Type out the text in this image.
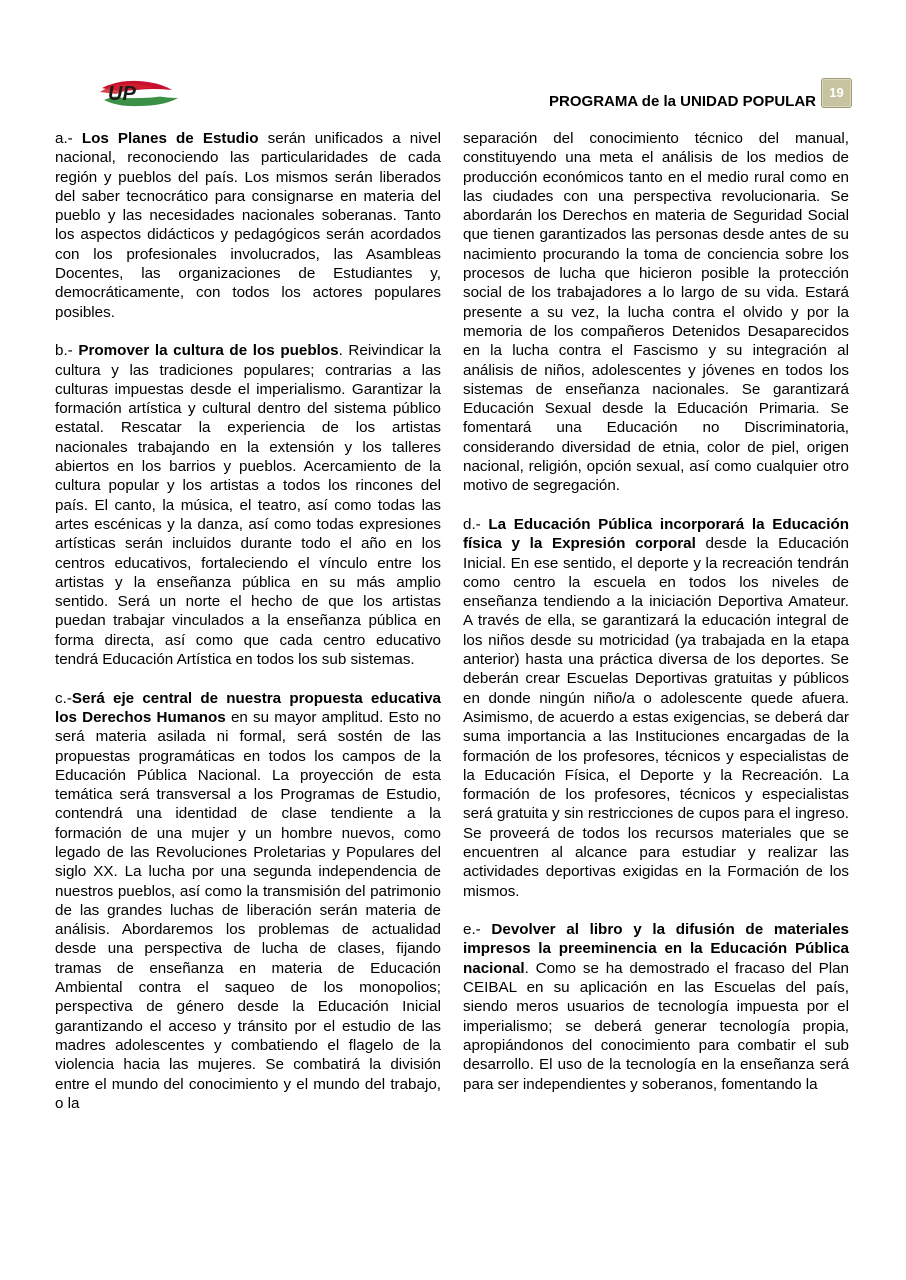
UP	PROGRAMA de la UNIDAD POPULAR
19

a.- Los Planes de Estudio serán unificados a nivel nacional, reconociendo las particularidades de cada región y pueblos del país. Los mismos serán liberados del saber tecnocrático para consignarse en materia del pueblo y las necesidades nacionales soberanas. Tanto los aspectos didácticos y pedagógicos serán acordados con los profesionales involucrados, las Asambleas Docentes, las organizaciones de Estudiantes y, democráticamente, con todos los actores populares posibles.

b.- Promover la cultura de los pueblos. Reivindicar la cultura y las tradiciones populares; contrarias a las culturas impuestas desde el imperialismo. Garantizar la formación artística y cultural dentro del sistema público estatal. Rescatar la experiencia de los artistas nacionales trabajando en la extensión y los talleres abiertos en los barrios y pueblos. Acercamiento de la cultura popular y los artistas a todos los rincones del país. El canto, la música, el teatro, así como todas las artes escénicas y la danza, así como todas expresiones artísticas serán incluidos durante todo el año en los centros educativos, fortaleciendo el vínculo entre los artistas y la enseñanza pública en su más amplio sentido. Será un norte el hecho de que los artistas puedan trabajar vinculados a la enseñanza pública en forma directa, así como que cada centro educativo tendrá Educación Artística en todos los sub sistemas.

c.-Será eje central de nuestra propuesta educativa los Derechos Humanos en su mayor amplitud. Esto no será materia asilada ni formal, será sostén de las propuestas programáticas en todos los campos de la Educación Pública Nacional. La proyección de esta temática será transversal a los Programas de Estudio, contendrá una identidad de clase tendiente a la formación de una mujer y un hombre nuevos, como legado de las Revoluciones Proletarias y Populares del siglo XX. La lucha por una segunda independencia de nuestros pueblos, así como la transmisión del patrimonio de las grandes luchas de liberación serán materia de análisis. Abordaremos los problemas de actualidad desde una perspectiva de lucha de clases, fijando tramas de enseñanza en materia de Educación Ambiental contra el saqueo de los monopolios; perspectiva de género desde la Educación Inicial garantizando el acceso y tránsito por el estudio de las madres adolescentes y combatiendo el flagelo de la violencia hacia las mujeres. Se combatirá la división entre el mundo del conocimiento y el mundo del trabajo, o la

separación del conocimiento técnico del manual, constituyendo una meta el análisis de los medios de producción económicos tanto en el medio rural como en las ciudades con una perspectiva revolucionaria. Se abordarán los Derechos en materia de Seguridad Social que tienen garantizados las personas desde antes de su nacimiento procurando la toma de conciencia sobre los procesos de lucha que hicieron posible la protección social de los trabajadores a lo largo de su vida. Estará presente a su vez, la lucha contra el olvido y por la memoria de los compañeros Detenidos Desaparecidos en la lucha contra el Fascismo y su integración al análisis de niños, adolescentes y jóvenes en todos los sistemas de enseñanza nacionales. Se garantizará Educación Sexual desde la Educación Primaria. Se fomentará una Educación no Discriminatoria, considerando diversidad de etnia, color de piel, origen nacional, religión, opción sexual, así como cualquier otro motivo de segregación.

d.- La Educación Pública incorporará la Educación física y la Expresión corporal desde la Educación Inicial. En ese sentido, el deporte y la recreación tendrán como centro la escuela en todos los niveles de enseñanza tendiendo a la iniciación Deportiva Amateur. A través de ella, se garantizará la educación integral de los niños desde su motricidad (ya trabajada en la etapa anterior) hasta una práctica diversa de los deportes. Se deberán crear Escuelas Deportivas gratuitas y públicos en donde ningún niño/a o adolescente quede afuera. Asimismo, de acuerdo a estas exigencias, se deberá dar suma importancia a las Instituciones encargadas de la formación de los profesores, técnicos y especialistas de la Educación Física, el Deporte y la Recreación. La formación de los profesores, técnicos y especialistas será gratuita y sin restricciones de cupos para el ingreso. Se proveerá de todos los recursos materiales que se encuentren al alcance para estudiar y realizar las actividades deportivas exigidas en la Formación de los mismos.

e.- Devolver al libro y la difusión de materiales impresos la preeminencia en la Educación Pública nacional. Como se ha demostrado el fracaso del Plan CEIBAL en su aplicación en las Escuelas del país, siendo meros usuarios de tecnología impuesta por el imperialismo; se deberá generar tecnología propia, apropiándonos del conocimiento para combatir el sub desarrollo. El uso de la tecnología en la enseñanza será para ser independientes y soberanos, fomentando la
